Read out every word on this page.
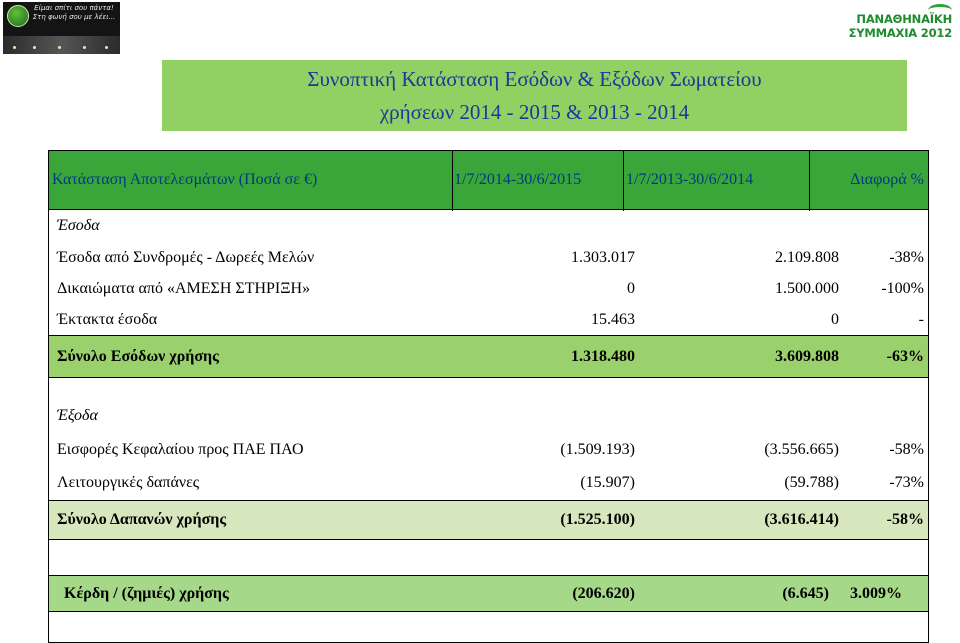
Είμαι σπίτι σου πάντα! Στη φωνή σου με λέει...	ΠΑΝΑΘΗΝΑΪΚΗ
ΣΥΜΜΑΧΙΑ 2012
Συνοπτική Κατάσταση Εσόδων & Εξόδων Σωματείου
χρήσεων 2014 - 2015 & 2013 - 2014
Κατάσταση Αποτελεσμάτων (Ποσά σε €)	1/7/2014-30/6/2015	1/7/2013-30/6/2014	Διαφορά %
Έσοδα
Έσοδα από Συνδρομές - Δωρεές Μελών	1.303.017	2.109.808	-38%
Δικαιώματα από «ΑΜΕΣΗ ΣΤΗΡΙΞΗ»	0	1.500.000	-100%
Έκτακτα έσοδα	15.463	0	-
Σύνολο Εσόδων χρήσης	1.318.480	3.609.808	-63%
Έξοδα
Εισφορές Κεφαλαίου προς ΠΑΕ ΠΑΟ	(1.509.193)	(3.556.665)	-58%
Λειτουργικές δαπάνες	(15.907)	(59.788)	-73%
Σύνολο Δαπανών χρήσης	(1.525.100)	(3.616.414)	-58%
Κέρδη / (ζημιές) χρήσης	(206.620)	(6.645)	3.009%
